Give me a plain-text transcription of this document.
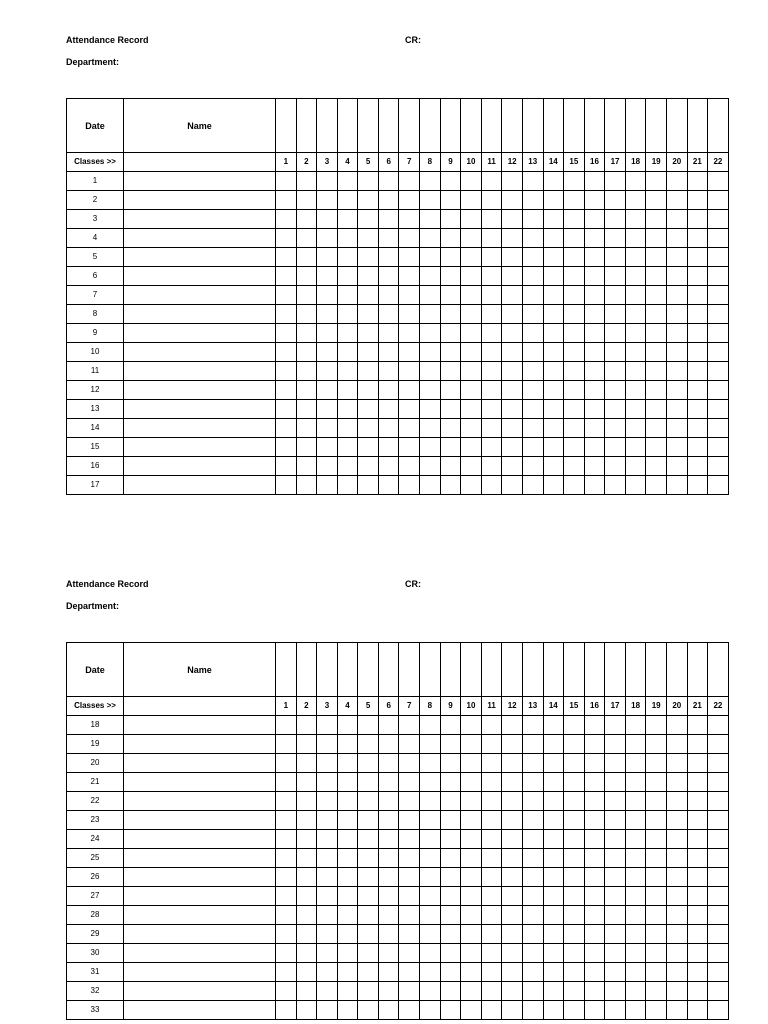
Attendance Record	CR:
Department:
Date	Name																						
Classes >>		1	2	3	4	5	6	7	8	9	10	11	12	13	14	15	16	17	18	19	20	21	22
1																							
2																							
3																							
4																							
5																							
6																							
7																							
8																							
9																							
10																							
11																							
12																							
13																							
14																							
15																							
16																							
17																							
Attendance Record	CR:
Department:
Date	Name																						
Classes >>		1	2	3	4	5	6	7	8	9	10	11	12	13	14	15	16	17	18	19	20	21	22
18																							
19																							
20																							
21																							
22																							
23																							
24																							
25																							
26																							
27																							
28																							
29																							
30																							
31																							
32																							
33																							
